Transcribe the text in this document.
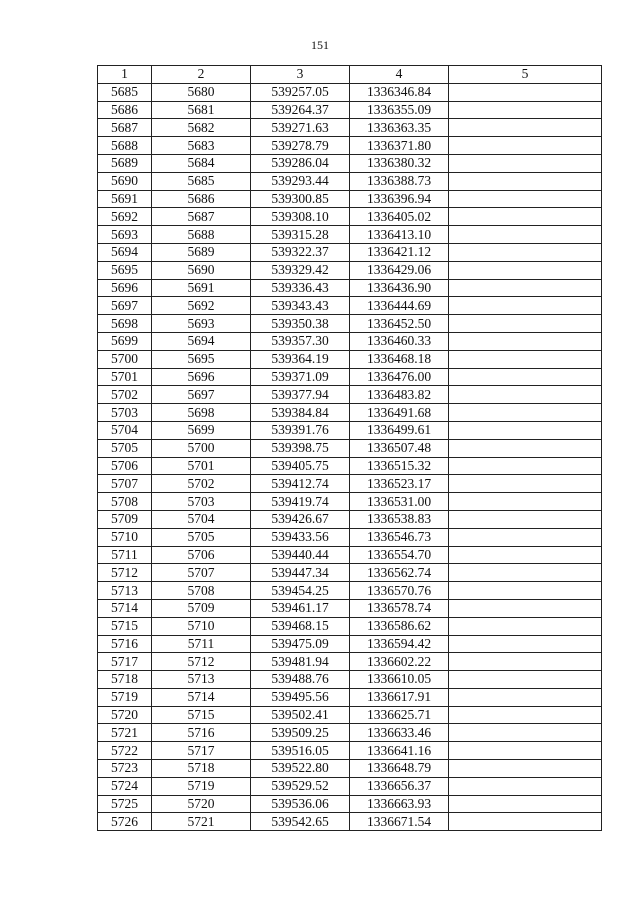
151
1	2	3	4	5
5685	5680	539257.05	1336346.84	
5686	5681	539264.37	1336355.09	
5687	5682	539271.63	1336363.35	
5688	5683	539278.79	1336371.80	
5689	5684	539286.04	1336380.32	
5690	5685	539293.44	1336388.73	
5691	5686	539300.85	1336396.94	
5692	5687	539308.10	1336405.02	
5693	5688	539315.28	1336413.10	
5694	5689	539322.37	1336421.12	
5695	5690	539329.42	1336429.06	
5696	5691	539336.43	1336436.90	
5697	5692	539343.43	1336444.69	
5698	5693	539350.38	1336452.50	
5699	5694	539357.30	1336460.33	
5700	5695	539364.19	1336468.18	
5701	5696	539371.09	1336476.00	
5702	5697	539377.94	1336483.82	
5703	5698	539384.84	1336491.68	
5704	5699	539391.76	1336499.61	
5705	5700	539398.75	1336507.48	
5706	5701	539405.75	1336515.32	
5707	5702	539412.74	1336523.17	
5708	5703	539419.74	1336531.00	
5709	5704	539426.67	1336538.83	
5710	5705	539433.56	1336546.73	
5711	5706	539440.44	1336554.70	
5712	5707	539447.34	1336562.74	
5713	5708	539454.25	1336570.76	
5714	5709	539461.17	1336578.74	
5715	5710	539468.15	1336586.62	
5716	5711	539475.09	1336594.42	
5717	5712	539481.94	1336602.22	
5718	5713	539488.76	1336610.05	
5719	5714	539495.56	1336617.91	
5720	5715	539502.41	1336625.71	
5721	5716	539509.25	1336633.46	
5722	5717	539516.05	1336641.16	
5723	5718	539522.80	1336648.79	
5724	5719	539529.52	1336656.37	
5725	5720	539536.06	1336663.93	
5726	5721	539542.65	1336671.54	
